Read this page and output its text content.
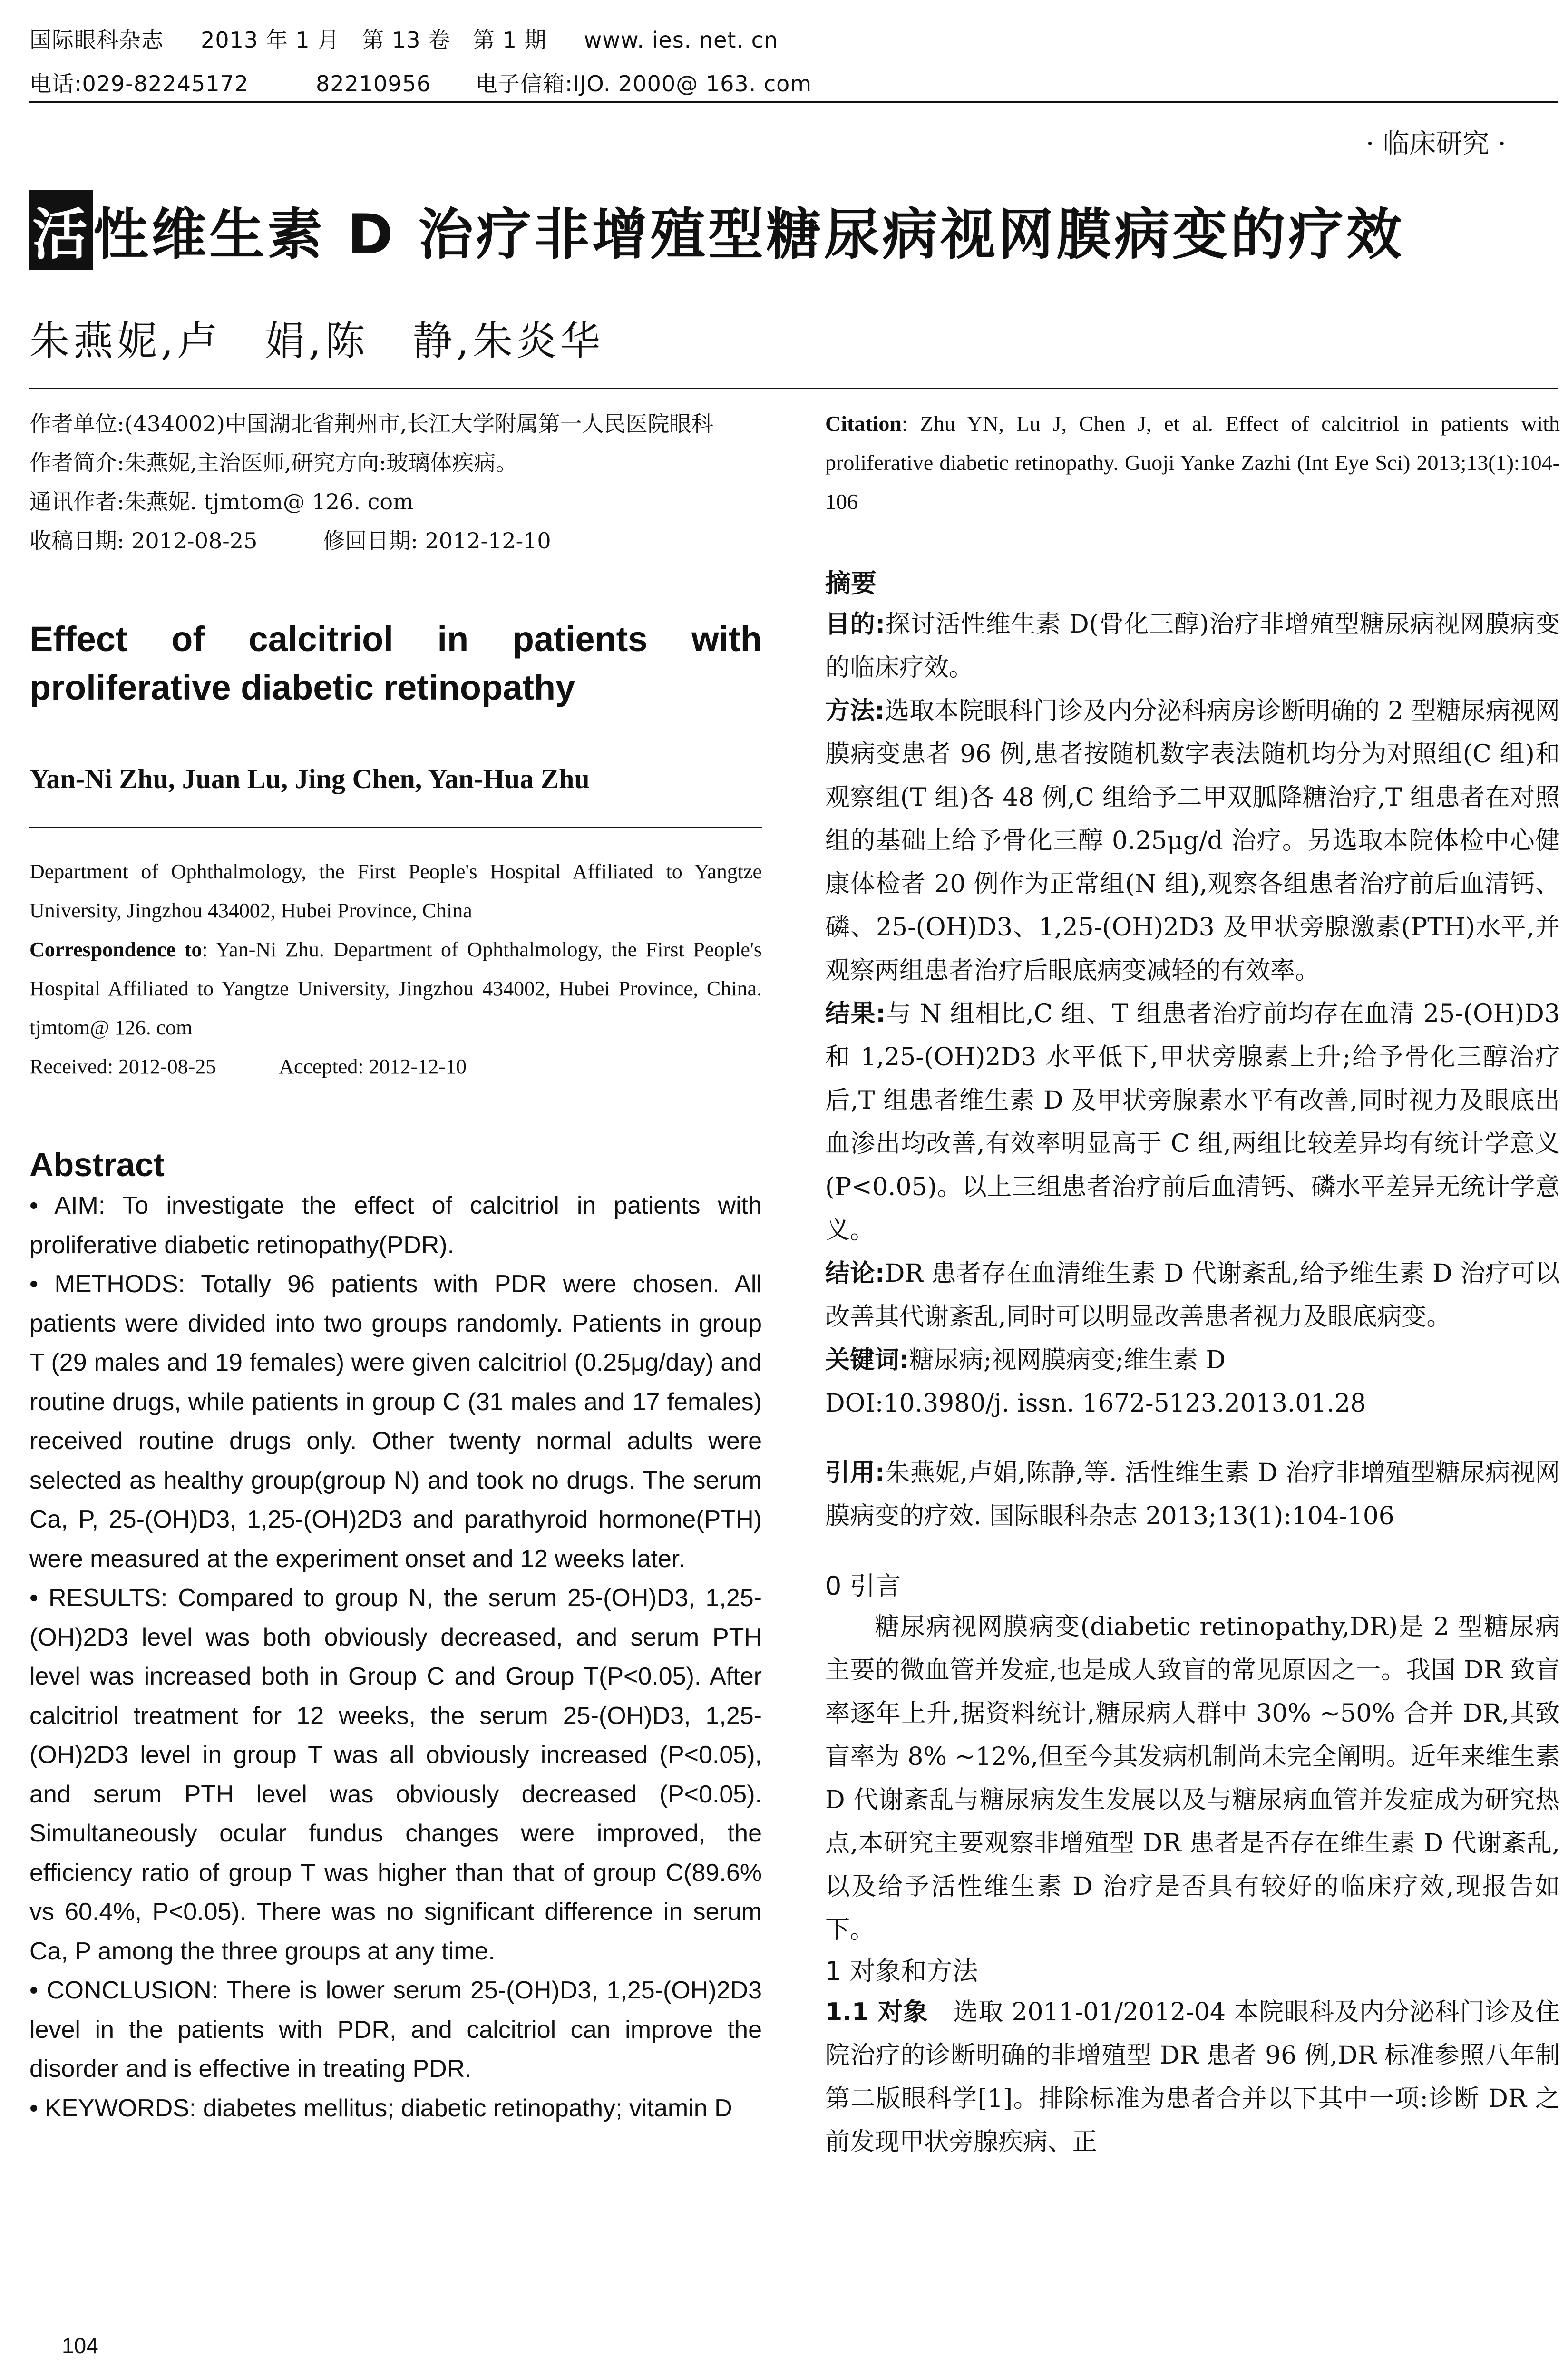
国际眼科杂志 2013 年 1 月　第 13 卷　第 1 期 www. ies. net. cn
电话:029-82245172　　　82210956 电子信箱:IJO. 2000@ 163. com
· 临床研究 ·
活性维生素 D 治疗非增殖型糖尿病视网膜病变的疗效
朱燕妮,卢　娟,陈　静,朱炎华

作者单位:(434002)中国湖北省荆州市,长江大学附属第一人民医院眼科

作者简介:朱燕妮,主治医师,研究方向:玻璃体疾病。

通讯作者:朱燕妮. tjmtom@ 126. com

收稿日期: 2012-08-25　　　修回日期: 2012-12-10

Effect of calcitriol in patients with proliferative diabetic retinopathy
Yan-Ni Zhu, Juan Lu, Jing Chen, Yan-Hua Zhu

Department of Ophthalmology, the First People's Hospital Affiliated to Yangtze University, Jingzhou 434002, Hubei Province, China

Correspondence to: Yan-Ni Zhu. Department of Ophthalmology, the First People's Hospital Affiliated to Yangtze University, Jingzhou 434002, Hubei Province, China. tjmtom@ 126. com

Received: 2012-08-25　　　Accepted: 2012-12-10

Abstract

• AIM: To investigate the effect of calcitriol in patients with proliferative diabetic retinopathy(PDR).

• METHODS: Totally 96 patients with PDR were chosen. All patients were divided into two groups randomly. Patients in group T (29 males and 19 females) were given calcitriol (0.25μg/day) and routine drugs, while patients in group C (31 males and 17 females) received routine drugs only. Other twenty normal adults were selected as healthy group(group N) and took no drugs. The serum Ca, P, 25-(OH)D3, 1,25-(OH)2D3 and parathyroid hormone(PTH) were measured at the experiment onset and 12 weeks later.

• RESULTS: Compared to group N, the serum 25-(OH)D3, 1,25-(OH)2D3 level was both obviously decreased, and serum PTH level was increased both in Group C and Group T(P<0.05). After calcitriol treatment for 12 weeks, the serum 25-(OH)D3, 1,25-(OH)2D3 level in group T was all obviously increased (P<0.05), and serum PTH level was obviously decreased (P<0.05). Simultaneously ocular fundus changes were improved, the efficiency ratio of group T was higher than that of group C(89.6% vs 60.4%, P<0.05). There was no significant difference in serum Ca, P among the three groups at any time.

• CONCLUSION: There is lower serum 25-(OH)D3, 1,25-(OH)2D3 level in the patients with PDR, and calcitriol can improve the disorder and is effective in treating PDR.

• KEYWORDS: diabetes mellitus; diabetic retinopathy; vitamin D

Citation: Zhu YN, Lu J, Chen J, et al. Effect of calcitriol in patients with proliferative diabetic retinopathy. Guoji Yanke Zazhi (Int Eye Sci) 2013;13(1):104-106
摘要

目的:探讨活性维生素 D(骨化三醇)治疗非增殖型糖尿病视网膜病变的临床疗效。

方法:选取本院眼科门诊及内分泌科病房诊断明确的 2 型糖尿病视网膜病变患者 96 例,患者按随机数字表法随机均分为对照组(C 组)和观察组(T 组)各 48 例,C 组给予二甲双胍降糖治疗,T 组患者在对照组的基础上给予骨化三醇 0.25μg/d 治疗。另选取本院体检中心健康体检者 20 例作为正常组(N 组),观察各组患者治疗前后血清钙、磷、25-(OH)D3、1,25-(OH)2D3 及甲状旁腺激素(PTH)水平,并观察两组患者治疗后眼底病变减轻的有效率。

结果:与 N 组相比,C 组、T 组患者治疗前均存在血清 25-(OH)D3 和 1,25-(OH)2D3 水平低下,甲状旁腺素上升;给予骨化三醇治疗后,T 组患者维生素 D 及甲状旁腺素水平有改善,同时视力及眼底出血渗出均改善,有效率明显高于 C 组,两组比较差异均有统计学意义(P<0.05)。以上三组患者治疗前后血清钙、磷水平差异无统计学意义。

结论:DR 患者存在血清维生素 D 代谢紊乱,给予维生素 D 治疗可以改善其代谢紊乱,同时可以明显改善患者视力及眼底病变。

关键词:糖尿病;视网膜病变;维生素 D

DOI:10.3980/j. issn. 1672-5123.2013.01.28

引用:朱燕妮,卢娟,陈静,等. 活性维生素 D 治疗非增殖型糖尿病视网膜病变的疗效. 国际眼科杂志 2013;13(1):104-106

0 引言

糖尿病视网膜病变(diabetic retinopathy,DR)是 2 型糖尿病主要的微血管并发症,也是成人致盲的常见原因之一。我国 DR 致盲率逐年上升,据资料统计,糖尿病人群中 30% ~50% 合并 DR,其致盲率为 8% ~12%,但至今其发病机制尚未完全阐明。近年来维生素 D 代谢紊乱与糖尿病发生发展以及与糖尿病血管并发症成为研究热点,本研究主要观察非增殖型 DR 患者是否存在维生素 D 代谢紊乱,以及给予活性维生素 D 治疗是否具有较好的临床疗效,现报告如下。

1 对象和方法

1.1 对象　选取 2011-01/2012-04 本院眼科及内分泌科门诊及住院治疗的诊断明确的非增殖型 DR 患者 96 例,DR 标准参照八年制第二版眼科学[1]。排除标准为患者合并以下其中一项:诊断 DR 之前发现甲状旁腺疾病、正

104
